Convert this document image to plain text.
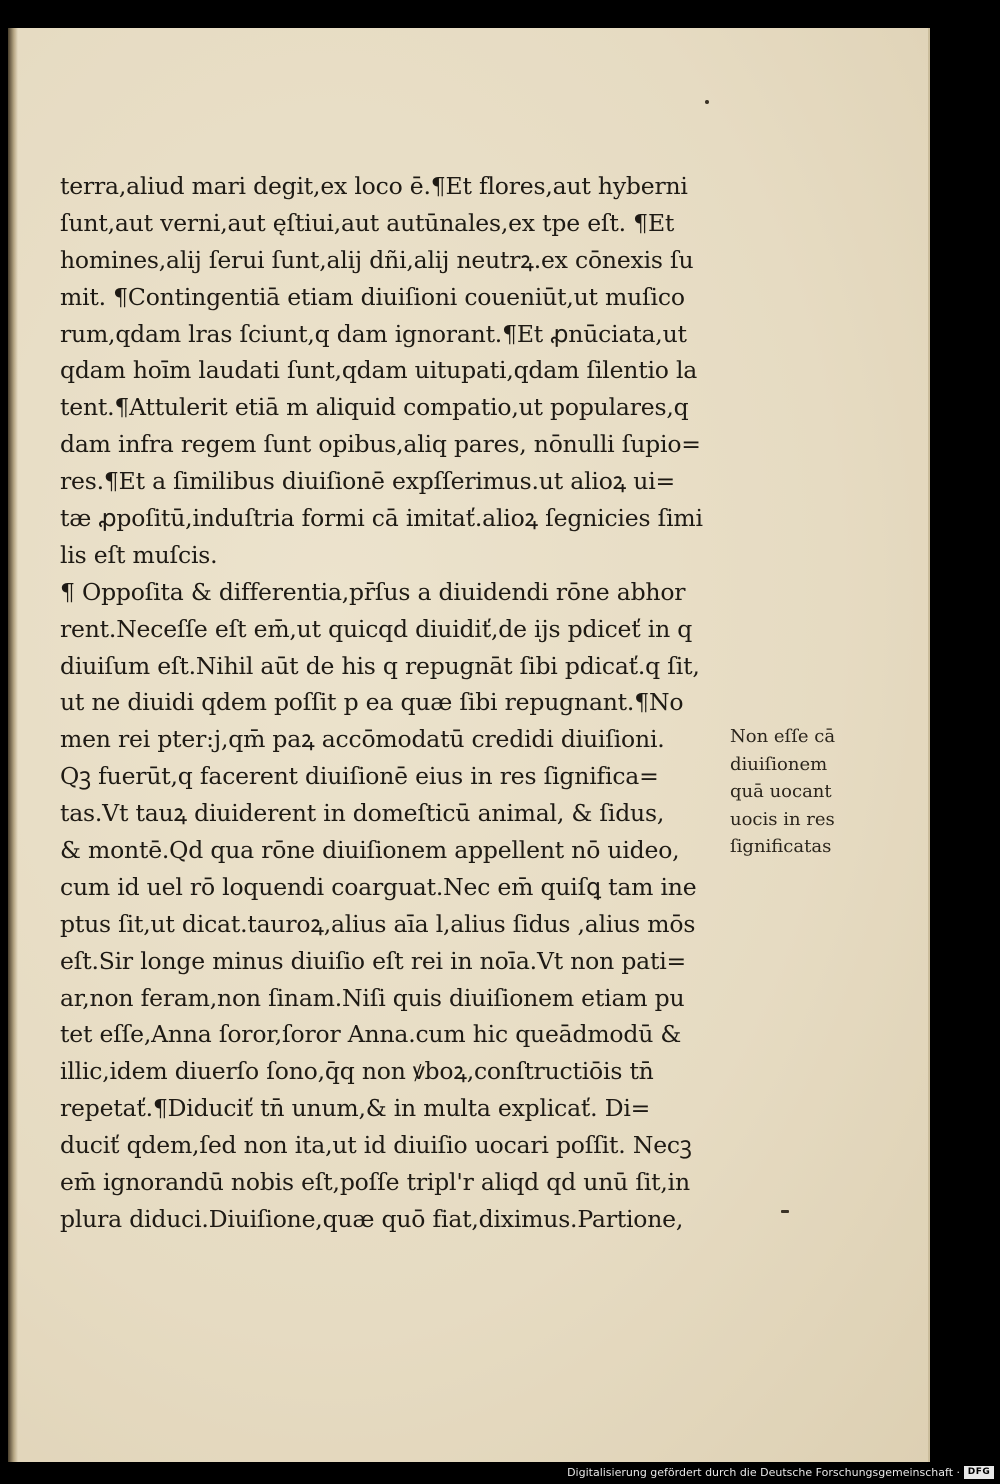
terra,aliud mari degit,ex loco ē.¶Et flores,aut hyberni
ſunt,aut verni,aut ęſtiui,aut autūnales,ex tpe eſt. ¶Et
homines,alij ſerui ſunt,alij dñi,alij neutrꝝ.ex cōnexis ſu
mit. ¶Contingentiā etiam diuiſioni coueniūt,ut muſico
rum,qdam lras ſciunt,q dam ignorant.¶Et ꝓnūciata,ut
qdam hoīm laudati ſunt,qdam uitupati,qdam ſilentio la
tent.¶Attulerit etiā m aliquid compatio,ut populares,q
dam infra regem ſunt opibus,aliq pares, nōnulli ſupio=
res.¶Et a ſimilibus diuiſionē expſſerimus.ut alioꝝ ui=
tæ ꝓpoſitū,induſtria formi cā imitať.alioꝝ ſegnicies ſimi
lis eſt muſcis.
¶ Oppoſita & differentia,pr̄ſus a diuidendi rōne abhor
rent.Neceſſe eſt em̄,ut quicqd diuidiť,de ijs pdiceť in q
diuiſum eſt.Nihil aūt de his q repugnāt ſibi pdicať.q ſit,
ut ne diuidi qdem poſſit p ea quæ ſibi repugnant.¶No
men rei pter:j,qm̄ paꝝ accōmodatū credidi diuiſioni.
Qꝫ fuerūt,q facerent diuiſionē eius in res ſignifica=
tas.Vt tauꝝ diuiderent in domeſticū animal, & ſidus,
& montē.Qd qua rōne diuiſionem appellent nō uideo,
cum id uel rō loquendi coarguat.Nec em̄ quiſꝗ tam ine
ptus ſit,ut dicat.tauroꝝ,alius aīa l,alius ſidus ,alius mōs
eſt.Sir longe minus diuiſio eſt rei in noīa.Vt non pati=
ar,non feram,non ſinam.Niſi quis diuiſionem etiam pu
tet eſſe,Anna ſoror,ſoror Anna.cum hic queādmodū &
illic,idem diuerſo ſono,q̄q non ꝟboꝝ,conſtructiōis tn̄
repetať.¶Diduciť tn̄ unum,& in multa explicať. Di=
duciť qdem,ſed non ita,ut id diuiſio uocari poſſit. Necꝫ
em̄ ignorandū nobis eſt,poſſe tripl'r aliqd qd unū ſit,in
plura diduci.Diuiſione,quæ quō fiat,diximus.Partione,
Non eſſe cā
diuiſionem
quā uocant
uocis in res
ſignificatas
Digitalisierung gefördert durch die Deutsche Forschungsgemeinschaft · DFG
